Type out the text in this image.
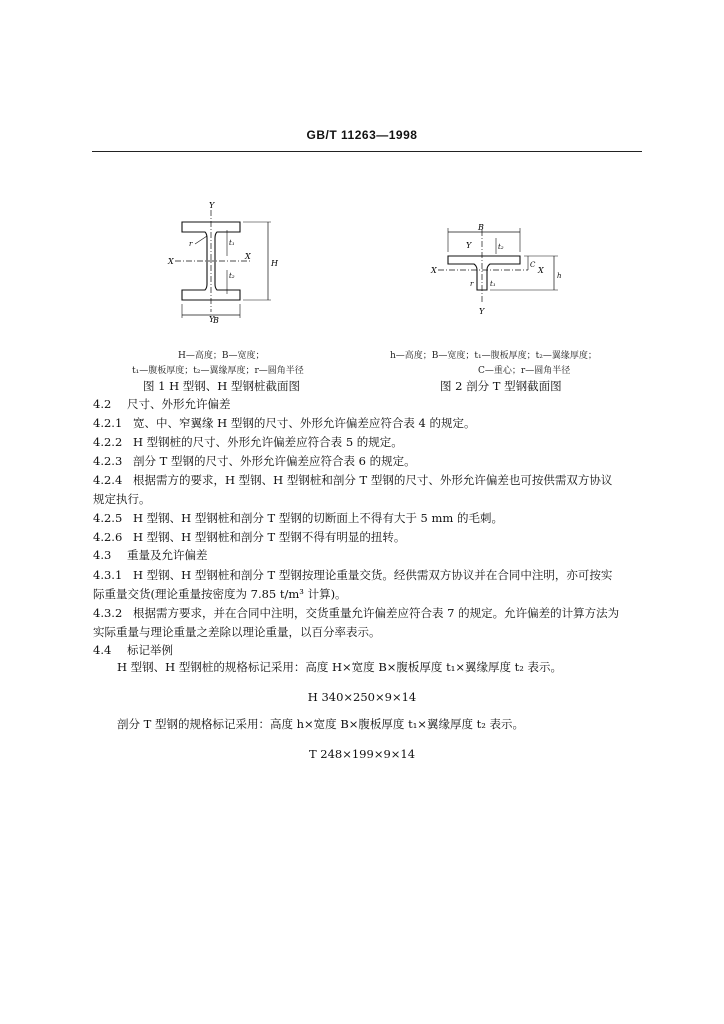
GB/T 11263—1998
Y
Y
X
X
H
B
t₁
t₂
r
B
Y
Y
X	X
h
C
t₂
t₁
r
H—高度；B—宽度；
t₁—腹板厚度；t₂—翼缘厚度；r—圆角半径
图 1 H 型钢、H 型钢桩截面图
h—高度；B—宽度；t₁—腹板厚度；t₂—翼缘厚度；
C—重心；r—圆角半径
图 2 剖分 T 型钢截面图
4.2 尺寸、外形允许偏差
4.2.1 宽、中、窄翼缘 H 型钢的尺寸、外形允许偏差应符合表 4 的规定。
4.2.2 H 型钢桩的尺寸、外形允许偏差应符合表 5 的规定。
4.2.3 剖分 T 型钢的尺寸、外形允许偏差应符合表 6 的规定。
4.2.4 根据需方的要求，H 型钢、H 型钢桩和剖分 T 型钢的尺寸、外形允许偏差也可按供需双方协议
规定执行。
4.2.5 H 型钢、H 型钢桩和剖分 T 型钢的切断面上不得有大于 5 mm 的毛刺。
4.2.6 H 型钢、H 型钢桩和剖分 T 型钢不得有明显的扭转。
4.3 重量及允许偏差
4.3.1 H 型钢、H 型钢桩和剖分 T 型钢按理论重量交货。经供需双方协议并在合同中注明，亦可按实
际重量交货(理论重量按密度为 7.85 t/m³ 计算)。
4.3.2 根据需方要求，并在合同中注明，交货重量允许偏差应符合表 7 的规定。允许偏差的计算方法为
实际重量与理论重量之差除以理论重量，以百分率表示。
4.4 标记举例
H 型钢、H 型钢桩的规格标记采用：高度 H×宽度 B×腹板厚度 t₁×翼缘厚度 t₂ 表示。
H 340×250×9×14
剖分 T 型钢的规格标记采用：高度 h×宽度 B×腹板厚度 t₁×翼缘厚度 t₂ 表示。
T 248×199×9×14
